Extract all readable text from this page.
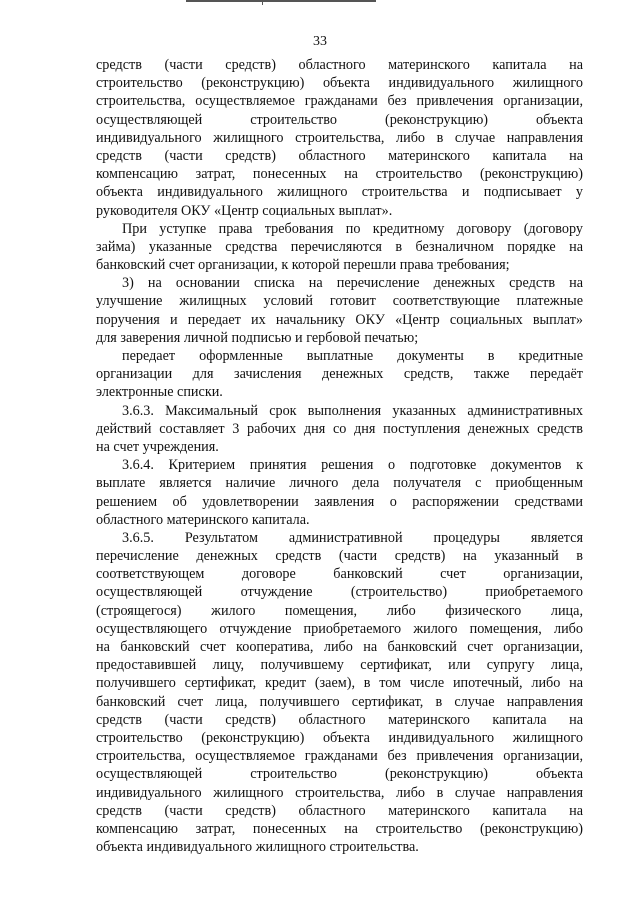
33
средств (части средств) областного материнского капитала на
строительство (реконструкцию) объекта индивидуального жилищного
строительства, осуществляемое гражданами без привлечения организации,
осуществляющей строительство (реконструкцию) объекта
индивидуального жилищного строительства, либо в случае направления
средств (части средств) областного материнского капитала на
компенсацию затрат, понесенных на строительство (реконструкцию)
объекта индивидуального жилищного строительства и подписывает у
руководителя ОКУ «Центр социальных выплат».
При уступке права требования по кредитному договору (договору
займа) указанные средства перечисляются в безналичном порядке на
банковский счет организации, к которой перешли права требования;
3) на основании списка на перечисление денежных средств на
улучшение жилищных условий готовит соответствующие платежные
поручения и передает их начальнику ОКУ «Центр социальных выплат»
для заверения личной подписью и гербовой печатью;
передает оформленные выплатные документы в кредитные
организации для зачисления денежных средств, также передаёт
электронные списки.
3.6.3. Максимальный срок выполнения указанных административных
действий составляет 3 рабочих дня со дня поступления денежных средств
на счет учреждения.
3.6.4. Критерием принятия решения о подготовке документов к
выплате является наличие личного дела получателя с приобщенным
решением об удовлетворении заявления о распоряжении средствами
областного материнского капитала.
3.6.5. Результатом административной процедуры является
перечисление денежных средств (части средств) на указанный в
соответствующем договоре банковский счет организации,
осуществляющей отчуждение (строительство) приобретаемого
(строящегося) жилого помещения, либо физического лица,
осуществляющего отчуждение приобретаемого жилого помещения, либо
на банковский счет кооператива, либо на банковский счет организации,
предоставившей лицу, получившему сертификат, или супругу лица,
получившего сертификат, кредит (заем), в том числе ипотечный, либо на
банковский счет лица, получившего сертификат, в случае направления
средств (части средств) областного материнского капитала на
строительство (реконструкцию) объекта индивидуального жилищного
строительства, осуществляемое гражданами без привлечения организации,
осуществляющей строительство (реконструкцию) объекта
индивидуального жилищного строительства, либо в случае направления
средств (части средств) областного материнского капитала на
компенсацию затрат, понесенных на строительство (реконструкцию)
объекта индивидуального жилищного строительства.
